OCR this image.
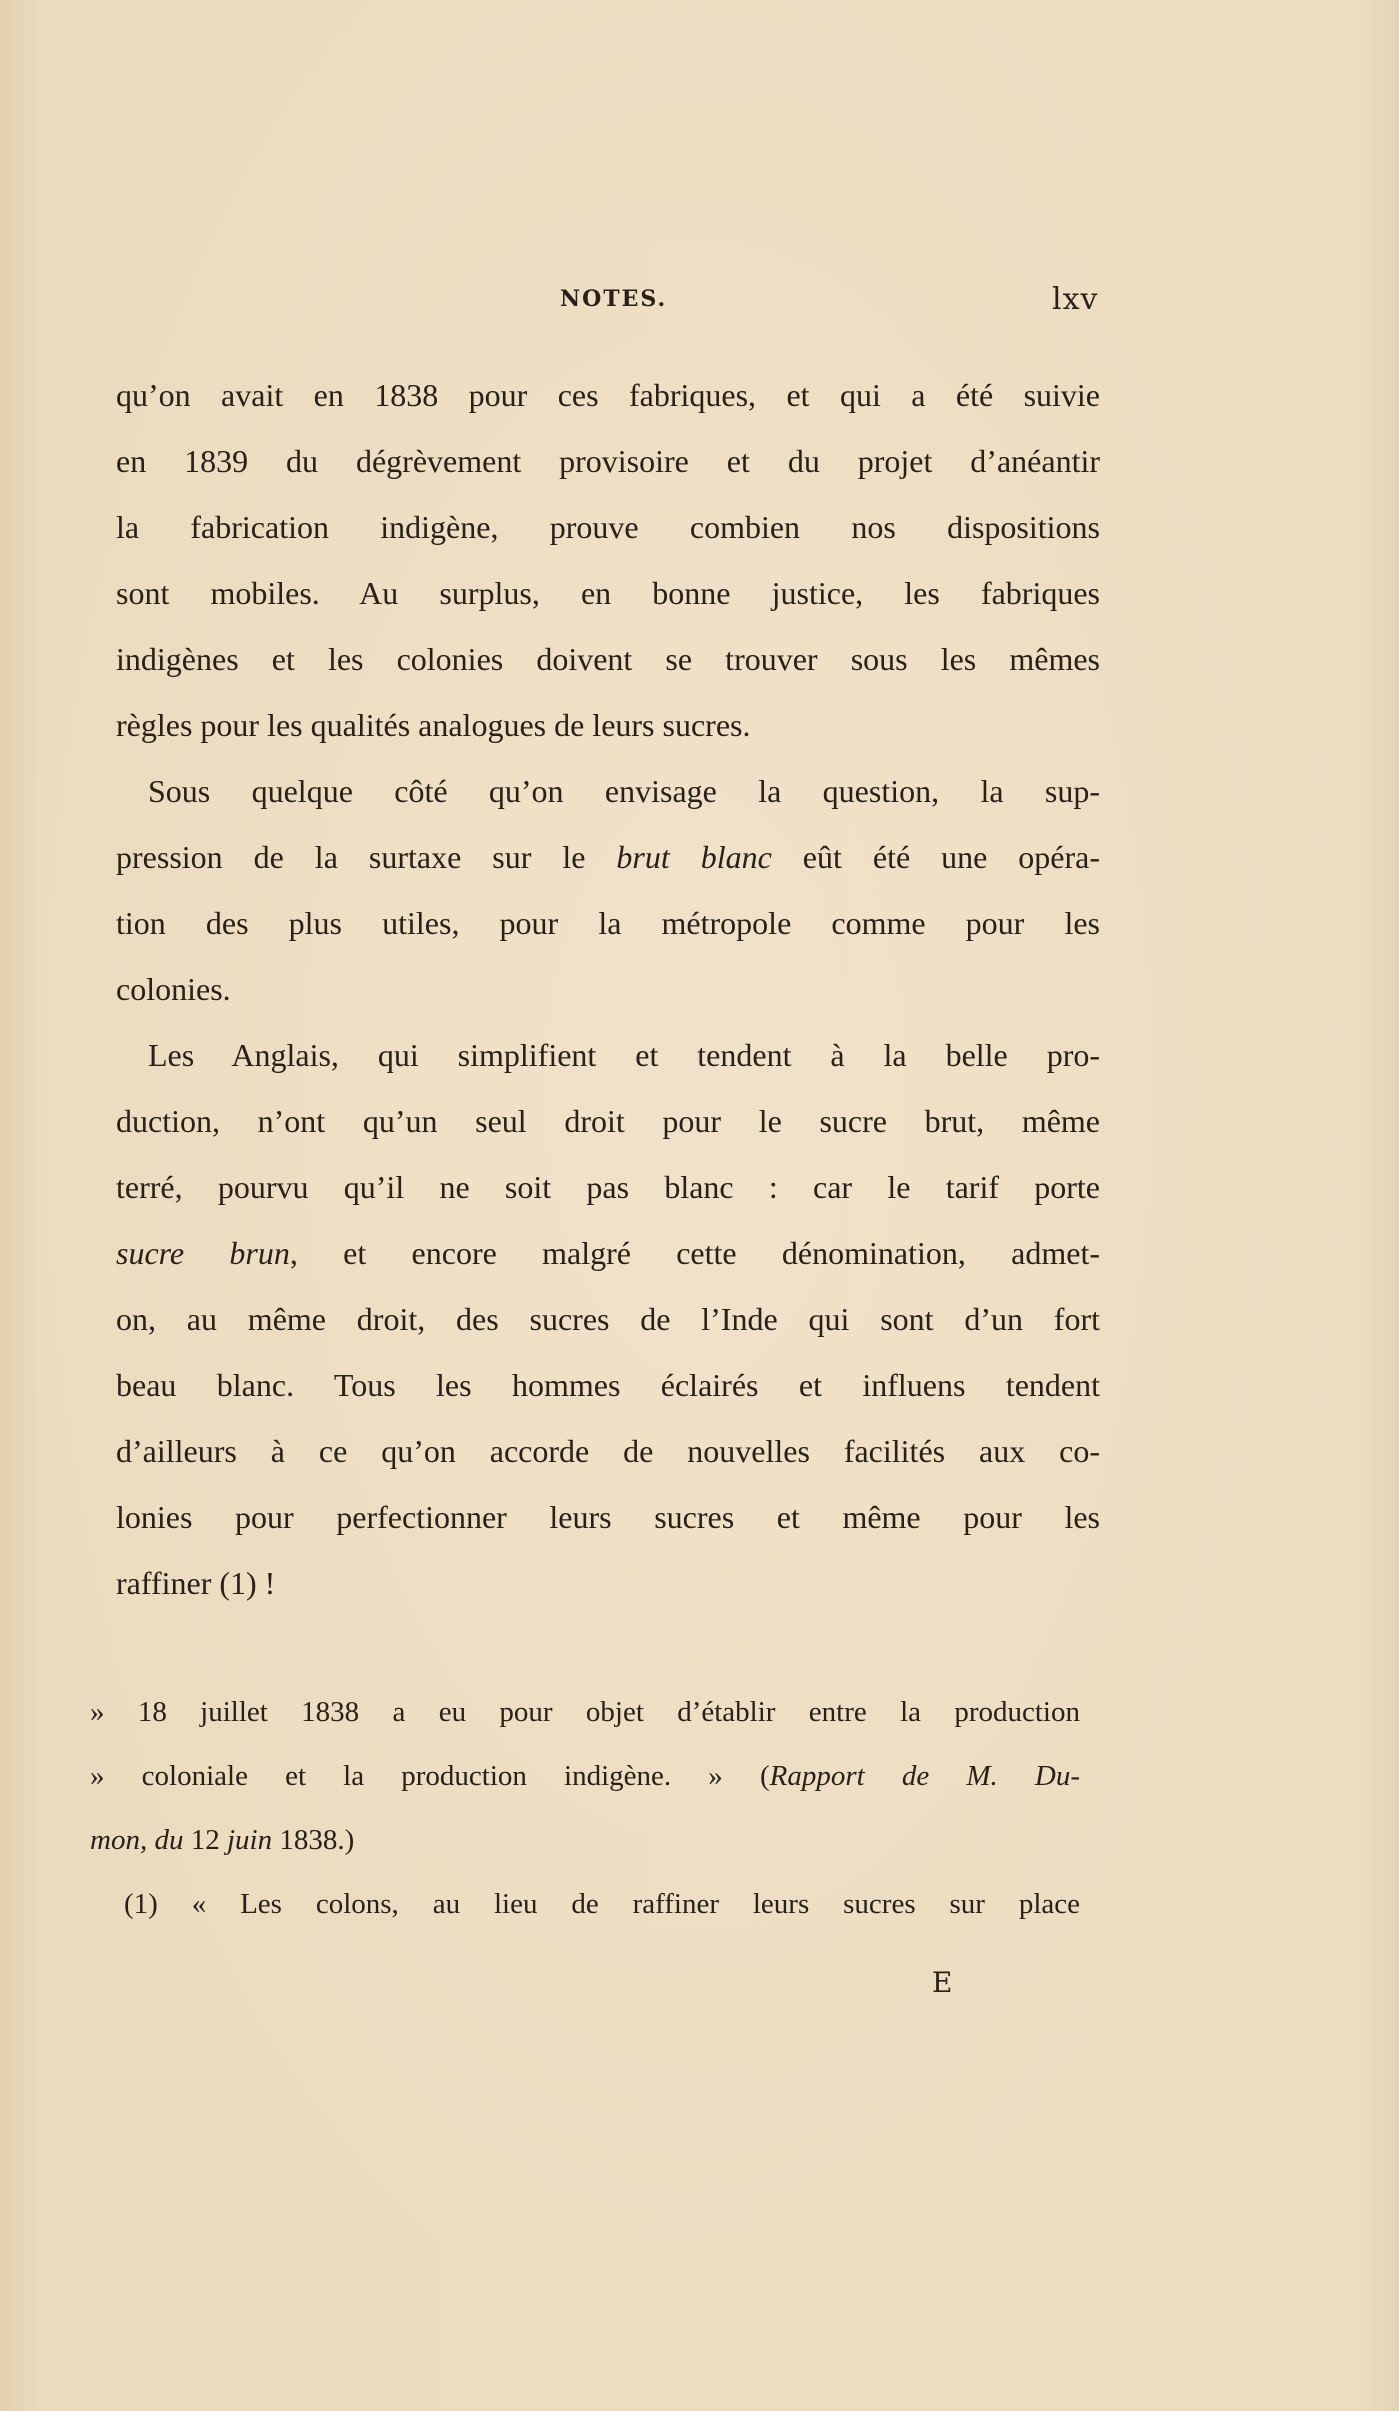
NOTES.	lxv
qu’on avait en 1838 pour ces fabriques, et qui a été suivie
en 1839 du dégrèvement provisoire et du projet d’anéantir
la fabrication indigène, prouve combien nos dispositions
sont mobiles. Au surplus, en bonne justice, les fabriques
indigènes et les colonies doivent se trouver sous les mêmes
règles pour les qualités analogues de leurs sucres.
Sous quelque côté qu’on envisage la question, la sup-
pression de la surtaxe sur le brut blanc eût été une opéra-
tion des plus utiles, pour la métropole comme pour les
colonies.
Les Anglais, qui simplifient et tendent à la belle pro-
duction, n’ont qu’un seul droit pour le sucre brut, même
terré, pourvu qu’il ne soit pas blanc : car le tarif porte
sucre brun, et encore malgré cette dénomination, admet-
on, au même droit, des sucres de l’Inde qui sont d’un fort
beau blanc. Tous les hommes éclairés et influens tendent
d’ailleurs à ce qu’on accorde de nouvelles facilités aux co-
lonies pour perfectionner leurs sucres et même pour les
raffiner (1) !
» 18 juillet 1838 a eu pour objet d’établir entre la production
» coloniale et la production indigène. » (Rapport de M. Du-
mon, du 12 juin 1838.)
(1) « Les colons, au lieu de raffiner leurs sucres sur place
E
